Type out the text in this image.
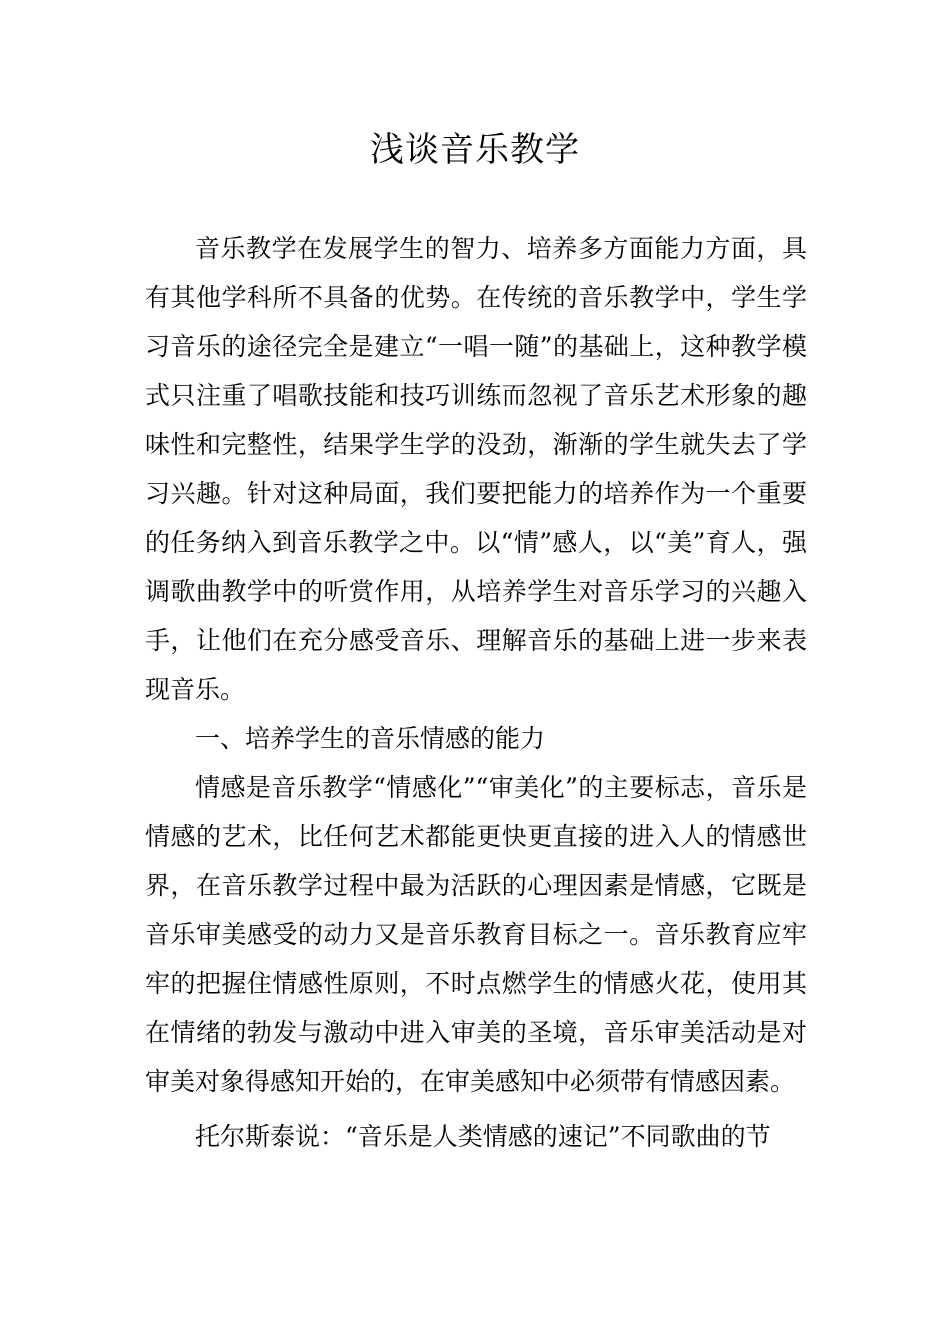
浅谈音乐教学

音乐教学在发展学生的智力、培养多方面能力方面，具有其他学科所不具备的优势。在传统的音乐教学中，学生学习音乐的途径完全是建立“一唱一随”的基础上，这种教学模式只注重了唱歌技能和技巧训练而忽视了音乐艺术形象的趣味性和完整性，结果学生学的没劲，渐渐的学生就失去了学习兴趣。针对这种局面，我们要把能力的培养作为一个重要的任务纳入到音乐教学之中。以“情”感人，以“美”育人，强调歌曲教学中的听赏作用，从培养学生对音乐学习的兴趣入手，让他们在充分感受音乐、理解音乐的基础上进一步来表现音乐。

一、培养学生的音乐情感的能力

情感是音乐教学“情感化”“审美化”的主要标志，音乐是情感的艺术，比任何艺术都能更快更直接的进入人的情感世界，在音乐教学过程中最为活跃的心理因素是情感，它既是音乐审美感受的动力又是音乐教育目标之一。音乐教育应牢牢的把握住情感性原则，不时点燃学生的情感火花，使用其在情绪的勃发与激动中进入审美的圣境，音乐审美活动是对审美对象得感知开始的，在审美感知中必须带有情感因素。

托尔斯泰说：“音乐是人类情感的速记”不同歌曲的节
